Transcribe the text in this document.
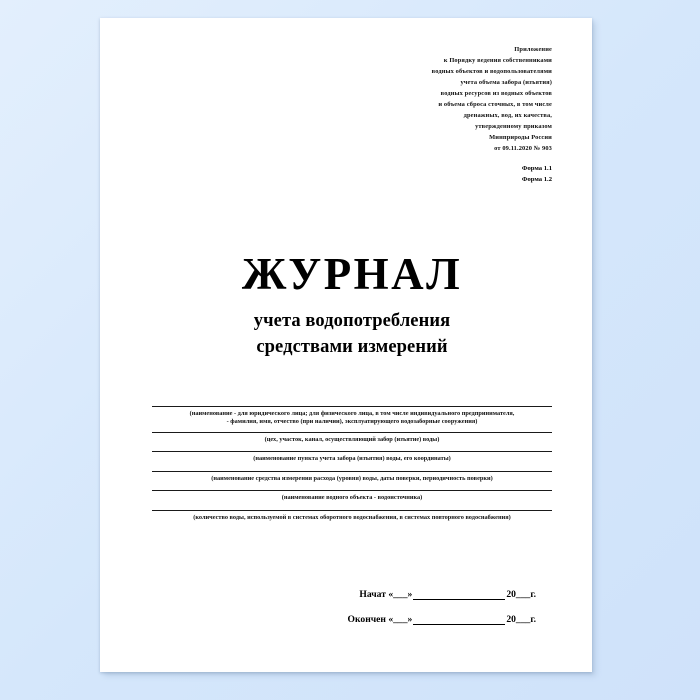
Приложение
к Порядку ведения собственниками
водных объектов и водопользователями
учета объема забора (изъятия)
водных ресурсов из водных объектов
и объема сброса сточных, в том числе
дренажных, вод, их качества,
утвержденному приказом
Минприроды России
от 09.11.2020 № 903
Форма 1.1
Форма 1.2
ЖУРНАЛ
учета водопотребления
средствами измерений
(наименование - для юридического лица; для физического лица, в том числе индивидуального предпринимателя,
- фамилия, имя, отчество (при наличии), эксплуатирующего водозаборные сооружения)
(цех, участок, канал, осуществляющий забор (изъятие) воды)
(наименование пункта учета забора (изъятия) воды, его координаты)
(наименование средства измерения расхода (уровня) воды, даты поверки, периодичность поверки)
(наименование водного объекта - водоисточника)
(количество воды, используемой в системах оборотного водоснабжения, в системах повторного водоснабжения)
Начат «___»	20___г.
Окончен «___»	20___г.
